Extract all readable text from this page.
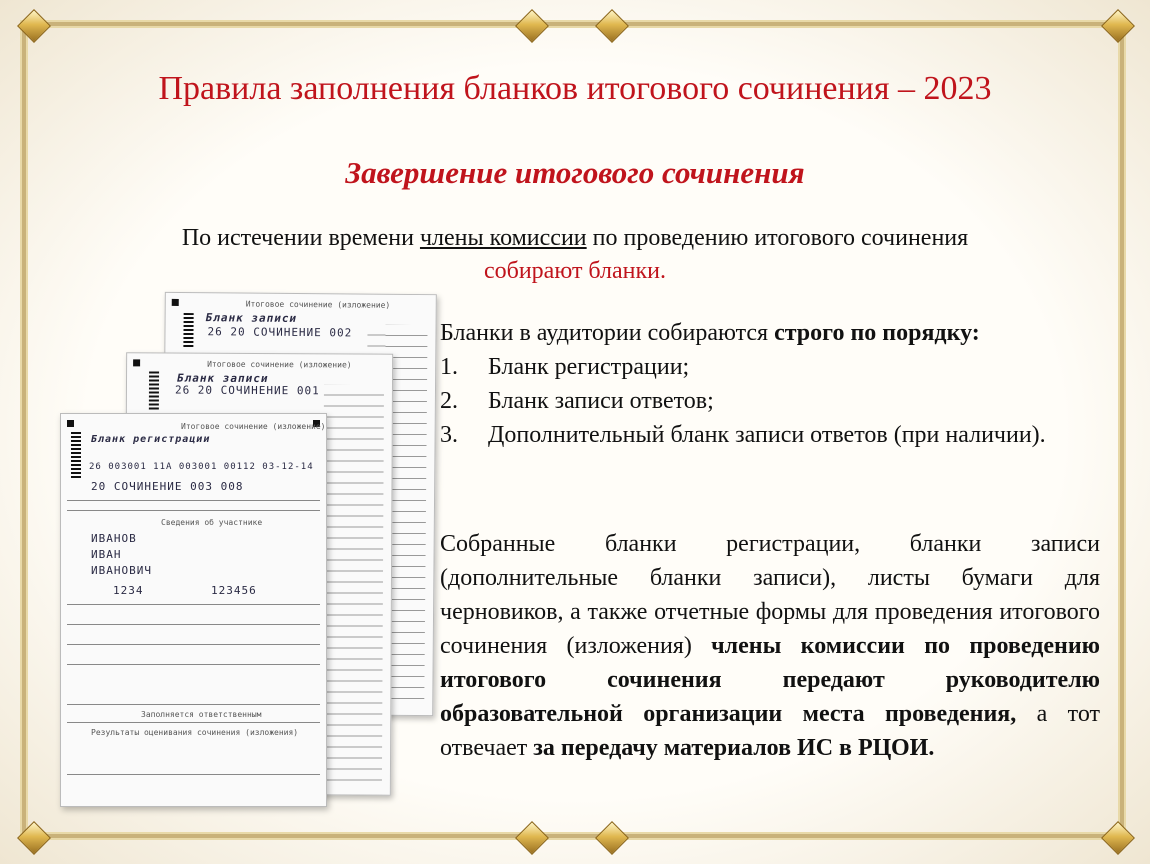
Правила заполнения бланков итогового сочинения – 2023
Завершение итогового сочинения
По истечении времени члены комиссии по проведению итогового сочинения
собирают бланки.
Итоговое сочинение (изложение)
Бланк записи
26 20 СОЧИНЕНИЕ 002
Итоговое сочинение (изложение)
Бланк записи
26 20 СОЧИНЕНИЕ 001
Итоговое сочинение (изложение)
Бланк регистрации
26 003001 11А 003001 00112 03-12-14
20 СОЧИНЕНИЕ 003 008
Сведения об участнике
ИВАНОВ
ИВАН
ИВАНОВИЧ
1234	123456
Заполняется ответственным
Результаты оценивания сочинения (изложения)

Бланки в аудитории собираются строго по порядку:

1. Бланк регистрации;
2. Бланк записи ответов;
3. Дополнительный бланк записи ответов (при наличии).
Собранные бланки регистрации, бланки записи (дополнительные бланки записи), листы бумаги для черновиков, а также отчетные формы для проведения итогового сочинения (изложения) члены комиссии по проведению итогового сочинения передают руководителю образовательной организации места проведения, а тот отвечает за передачу материалов ИС в РЦОИ.
